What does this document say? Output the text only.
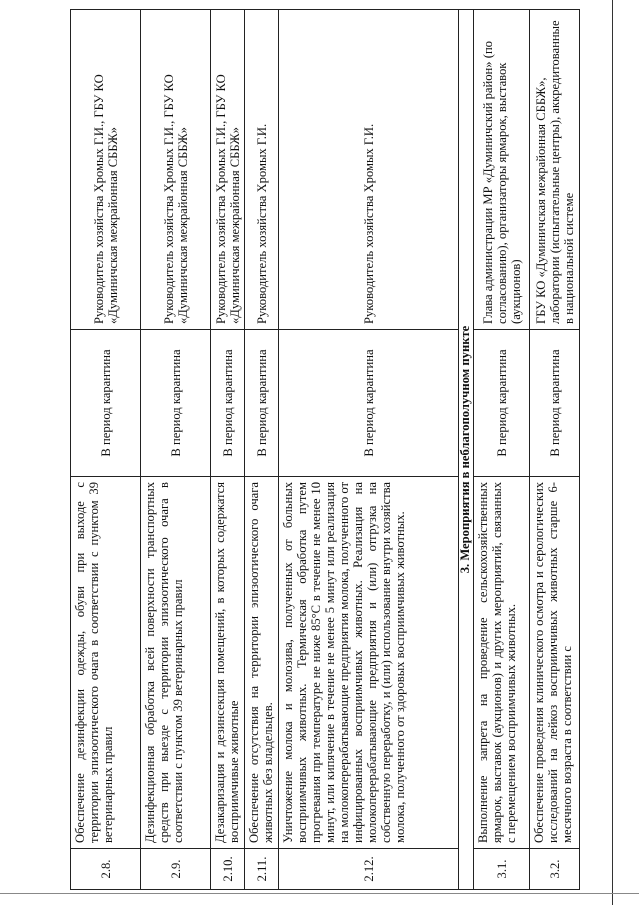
2.8.	Обеспечение дезинфекции одежды, обуви при выходе с территории эпизоотического очага в соответствии с пунктом 39 ветеринарных правил	В период карантина	Руководитель хозяйства Хромых Г.И., ГБУ КО «Думиничская межрайонная СББЖ»
2.9.	Дезинфекционная обработка всей поверхности транспортных средств при выезде с территории эпизоотического очага в соответствии с пунктом 39 ветеринарных правил	В период карантина	Руководитель хозяйства Хромых Г.И., ГБУ КО «Думиничская межрайонная СББЖ»
2.10.	Дезакаризация и дезинсекция помещений, в которых содержатся восприимчивые животные	В период карантина	Руководитель хозяйства Хромых Г.И., ГБУ КО «Думиничская межрайонная СББЖ»
2.11.	Обеспечение отсутствия на территории эпизоотического очага животных без владельцев.	В период карантина	Руководитель хозяйства Хромых Г.И.
2.12.	Уничтожение молока и молозива, полученных от больных восприимчивых животных. Термическая обработка путем прогревания при температуре не ниже 85°С в течение не менее 10 минут, или кипячение в течение не менее 5 минут или реализация на молокоперерабатывающие предприятия молока, полученного от инфицированных восприимчивых животных. Реализация на молокоперерабатывающие предприятия и (или) отгрузка на собственную переработку, и (или) использование внутри хозяйства молока, полученного от здоровых восприимчивых животных.	В период карантина	Руководитель хозяйства Хромых Г.И.
3. Мероприятия в неблагополучном пункте			
3.1.	Выполнение запрета на проведение сельскохозяйственных ярмарок, выставок (аукционов) и других мероприятий, связанных с перемещением восприимчивых животных.	В период карантина	Глава администрации МР «Думиничский район» (по согласованию), организаторы ярмарок, выставок (аукционов)
3.2.	Обеспечение проведения клинического осмотра и серологических исследований на лейкоз восприимчивых животных старше 6-месячного возраста в соответствии с	В период карантина	ГБУ КО «Думиничская межрайонная СББЖ», лаборатории (испытательные центры), аккредитованные в национальной системе
